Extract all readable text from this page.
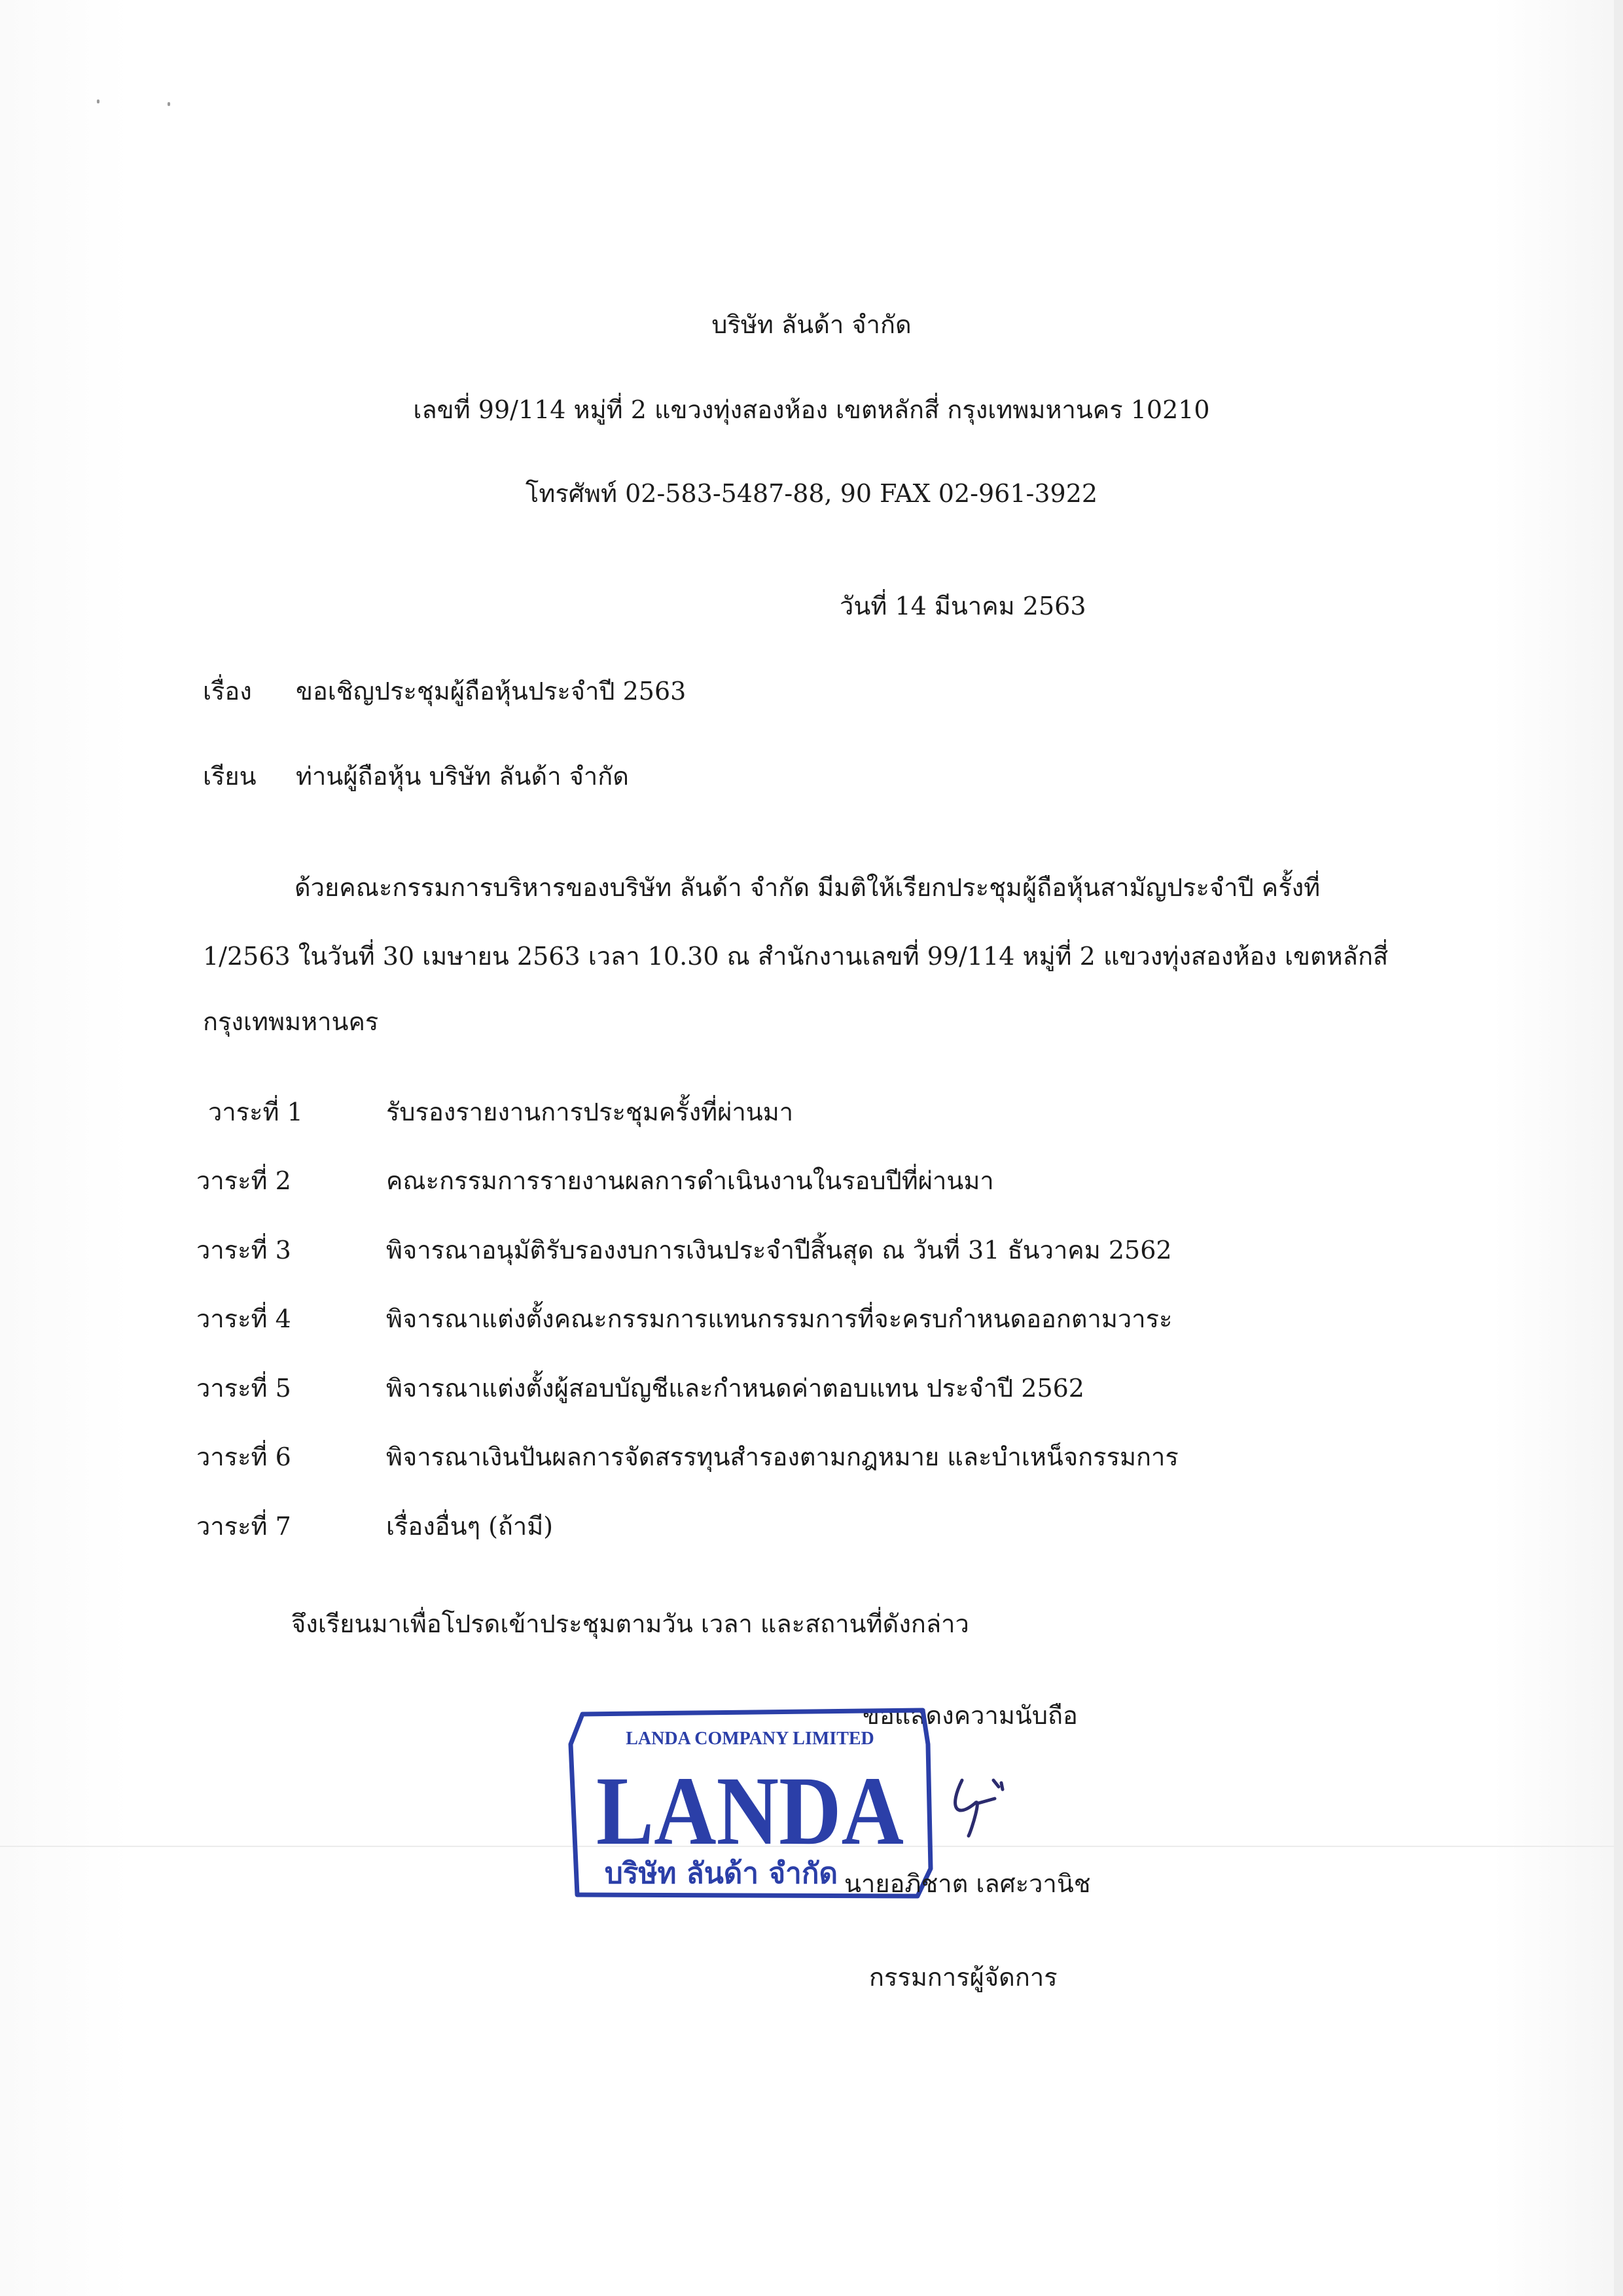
บริษัท ลันด้า จำกัด
เลขที่ 99/114 หมู่ที่ 2 แขวงทุ่งสองห้อง เขตหลักสี่ กรุงเทพมหานคร 10210
โทรศัพท์ 02-583-5487-88, 90 FAX 02-961-3922
วันที่ 14 มีนาคม 2563
เรื่อง ขอเชิญประชุมผู้ถือหุ้นประจำปี 2563
เรียน ท่านผู้ถือหุ้น บริษัท ลันด้า จำกัด
ด้วยคณะกรรมการบริหารของบริษัท ลันด้า จำกัด มีมติให้เรียกประชุมผู้ถือหุ้นสามัญประจำปี ครั้งที่
1/2563 ในวันที่ 30 เมษายน 2563 เวลา 10.30 ณ สำนักงานเลขที่ 99/114 หมู่ที่ 2 แขวงทุ่งสองห้อง เขตหลักสี่
กรุงเทพมหานคร
วาระที่ 1	รับรองรายงานการประชุมครั้งที่ผ่านมา
วาระที่ 2	คณะกรรมการรายงานผลการดำเนินงานในรอบปีที่ผ่านมา
วาระที่ 3	พิจารณาอนุมัติรับรองงบการเงินประจำปีสิ้นสุด ณ วันที่ 31 ธันวาคม 2562
วาระที่ 4	พิจารณาแต่งตั้งคณะกรรมการแทนกรรมการที่จะครบกำหนดออกตามวาระ
วาระที่ 5	พิจารณาแต่งตั้งผู้สอบบัญชีและกำหนดค่าตอบแทน ประจำปี 2562
วาระที่ 6	พิจารณาเงินปันผลการจัดสรรทุนสำรองตามกฎหมาย และบำเหน็จกรรมการ
วาระที่ 7	เรื่องอื่นๆ (ถ้ามี)
จึงเรียนมาเพื่อโปรดเข้าประชุมตามวัน เวลา และสถานที่ดังกล่าว
ขอแสดงความนับถือ
LANDA COMPANY LIMITED
LANDA
บริษัท ลันด้า จำกัด นายอภิชาต เลศะวานิช
กรรมการผู้จัดการ
